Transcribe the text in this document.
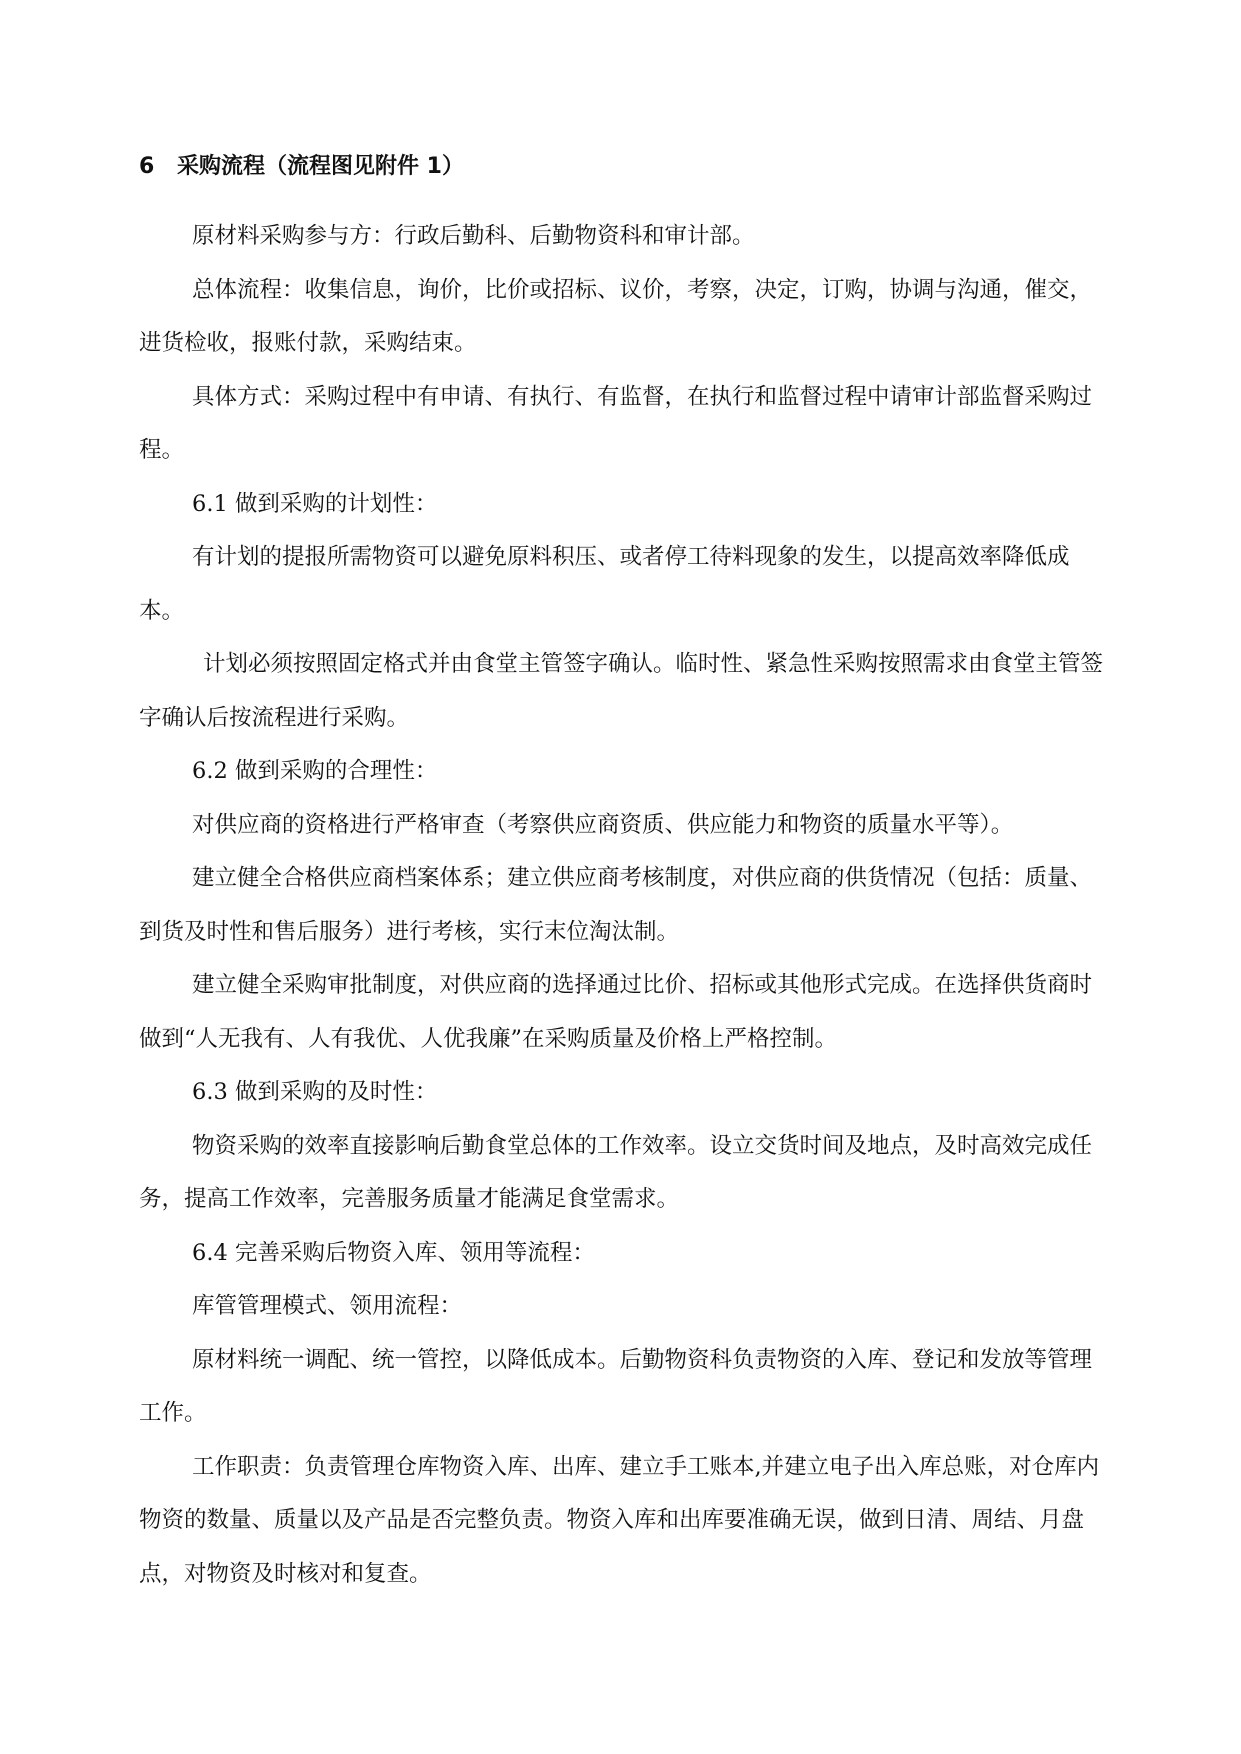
6 采购流程（流程图见附件 1）

原材料采购参与方：行政后勤科、后勤物资科和审计部。

总体流程：收集信息，询价，比价或招标、议价，考察，决定，订购，协调与沟通，催交，进货检收，报账付款，采购结束。

具体方式：采购过程中有申请、有执行、有监督，在执行和监督过程中请审计部监督采购过程。

6.1 做到采购的计划性：

有计划的提报所需物资可以避免原料积压、或者停工待料现象的发生，以提高效率降低成本。

计划必须按照固定格式并由食堂主管签字确认。临时性、紧急性采购按照需求由食堂主管签字确认后按流程进行采购。

6.2 做到采购的合理性：

对供应商的资格进行严格审查（考察供应商资质、供应能力和物资的质量水平等）。

建立健全合格供应商档案体系；建立供应商考核制度，对供应商的供货情况（包括：质量、到货及时性和售后服务）进行考核，实行末位淘汰制。

建立健全采购审批制度，对供应商的选择通过比价、招标或其他形式完成。在选择供货商时做到“人无我有、人有我优、人优我廉”在采购质量及价格上严格控制。

6.3 做到采购的及时性：

物资采购的效率直接影响后勤食堂总体的工作效率。设立交货时间及地点，及时高效完成任务，提高工作效率，完善服务质量才能满足食堂需求。

6.4 完善采购后物资入库、领用等流程：

库管管理模式、领用流程：

原材料统一调配、统一管控，以降低成本。后勤物资科负责物资的入库、登记和发放等管理工作。

工作职责：负责管理仓库物资入库、出库、建立手工账本,并建立电子出入库总账，对仓库内物资的数量、质量以及产品是否完整负责。物资入库和出库要准确无误，做到日清、周结、月盘点，对物资及时核对和复查。
